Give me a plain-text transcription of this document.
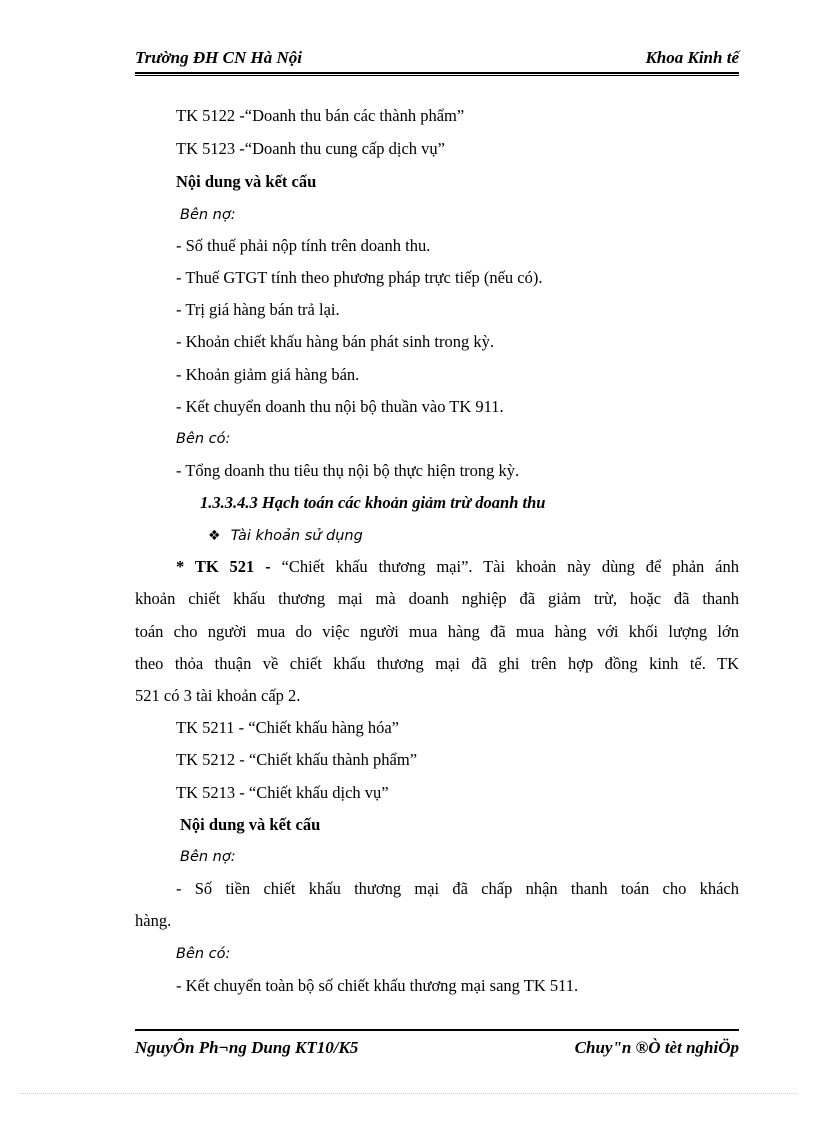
Trường ĐH CN Hà Nội	Khoa Kinh tế
TK 5122 -“Doanh thu bán các thành phẩm”
TK 5123 -“Doanh thu cung cấp dịch vụ”
Nội dung và kết cấu
Bên nợ:
- Số thuế phải nộp tính trên doanh thu.
- Thuế GTGT tính theo phương pháp trực tiếp (nếu có).
- Trị giá hàng bán trả lại.
- Khoản chiết khấu hàng bán phát sinh trong kỳ.
- Khoản giảm giá hàng bán.
- Kết chuyển doanh thu nội bộ thuần vào TK 911.
Bên có:
- Tổng doanh thu tiêu thụ nội bộ thực hiện trong kỳ.
1.3.3.4.3 Hạch toán các khoản giảm trừ doanh thu
❖ Tài khoản sử dụng
* TK 521 - “Chiết khấu thương mại”. Tài khoản này dùng để phản ánh
khoản chiết khấu thương mại mà doanh nghiệp đã giảm trừ, hoặc đã thanh
toán cho người mua do việc người mua hàng đã mua hàng với khối lượng lớn
theo thỏa thuận về chiết khấu thương mại đã ghi trên hợp đồng kinh tế. TK
521 có 3 tài khoản cấp 2.
TK 5211 - “Chiết khấu hàng hóa”
TK 5212 - “Chiết khấu thành phẩm”
TK 5213 - “Chiết khấu dịch vụ”
Nội dung và kết cấu
Bên nợ:
- Số tiền chiết khấu thương mại đã chấp nhận thanh toán cho khách
hàng.
Bên có:
- Kết chuyển toàn bộ số chiết khấu thương mại sang TK 511.
NguyÔn Ph¬ng Dung KT10/K5	Chuy"n ®Ò tèt nghiÖp
